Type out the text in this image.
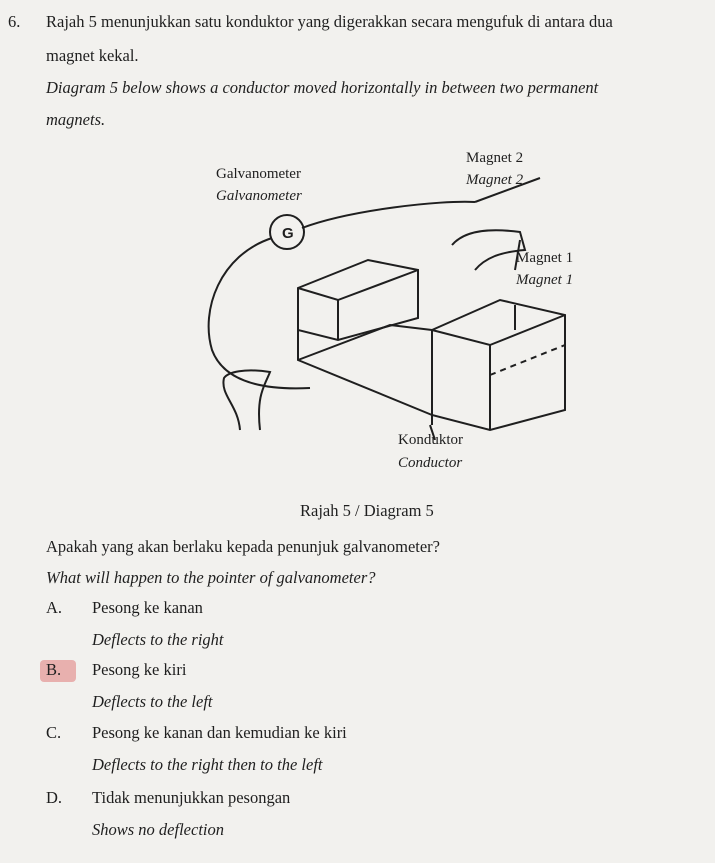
6. Rajah 5 menunjukkan satu konduktor yang digerakkan secara mengufuk di antara dua
magnet kekal.
Diagram 5 below shows a conductor moved horizontally in between two permanent
magnets.
Galvanometer
Galvanometer
G
Magnet 2
Magnet 2
Magnet 1
Magnet 1
Konduktor
Conductor
Rajah 5 / Diagram 5
Apakah yang akan berlaku kepada penunjuk galvanometer?
What will happen to the pointer of galvanometer?
A. Pesong ke kanan
Deflects to the right
B. Pesong ke kiri
Deflects to the left
C. Pesong ke kanan dan kemudian ke kiri
Deflects to the right then to the left
D. Tidak menunjukkan pesongan
Shows no deflection
